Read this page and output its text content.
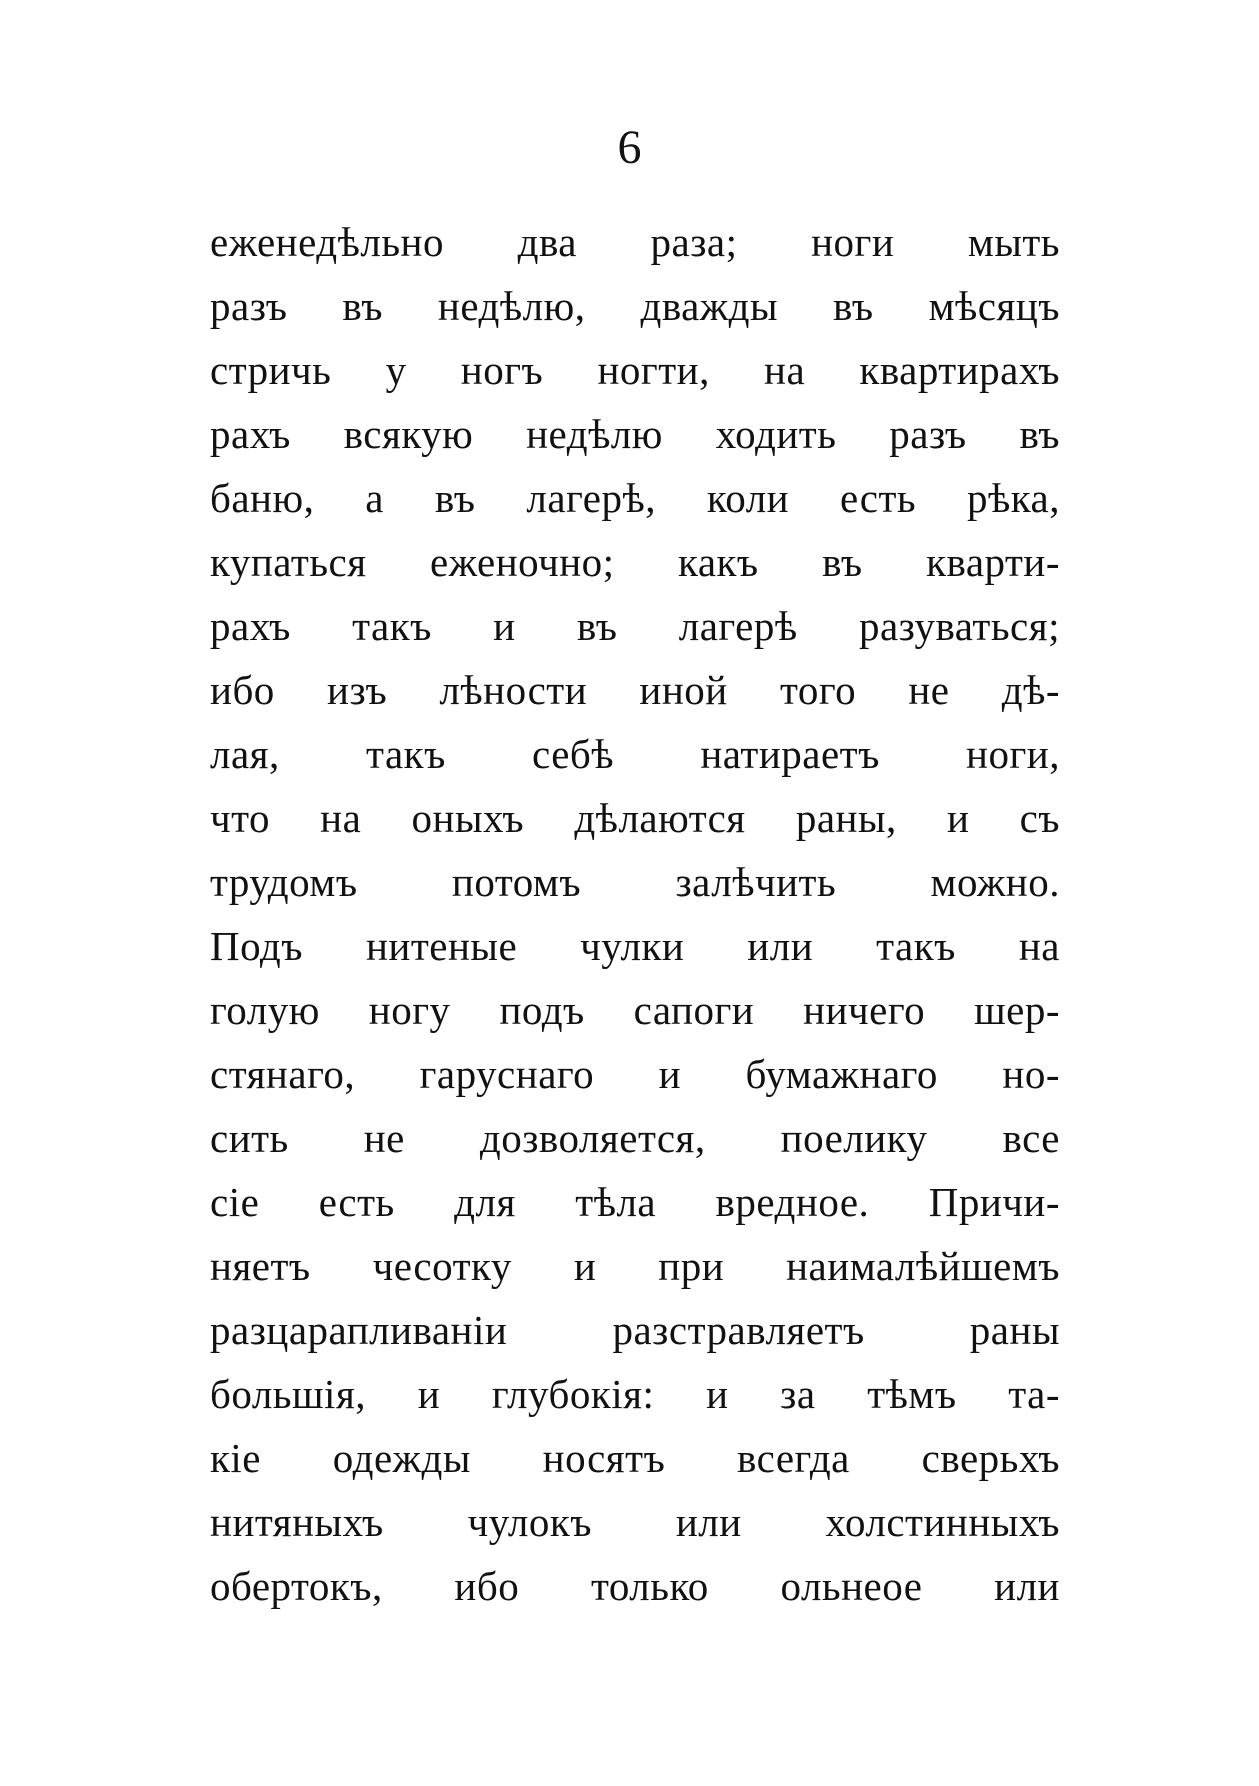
6
еженедѣльно два раза; ноги мыть
разъ въ недѣлю, дважды въ мѣсяцъ
стричь у ногъ ногти, на квартирахъ
рахъ всякую недѣлю ходить разъ въ
баню, а въ лагерѣ, коли есть рѣка,
купаться еженочно; какъ въ кварти-
рахъ такъ и въ лагерѣ разуваться;
ибо изъ лѣности иной того не дѣ-
лая, такъ себѣ натираетъ ноги,
что на оныхъ дѣлаются раны, и съ
трудомъ потомъ залѣчить можно.
Подъ нитеные чулки или такъ на
голую ногу подъ сапоги ничего шер-
стянаго, гаруснаго и бумажнаго но-
сить не дозволяется, поелику все
сіе есть для тѣла вредное. Причи-
няетъ чесотку и при наималѣйшемъ
разцарапливаніи разстравляетъ раны
большія, и глубокія: и за тѣмъ та-
кіе одежды носятъ всегда сверьхъ
нитяныхъ чулокъ или холстинныхъ
обертокъ, ибо только ольнеое или
